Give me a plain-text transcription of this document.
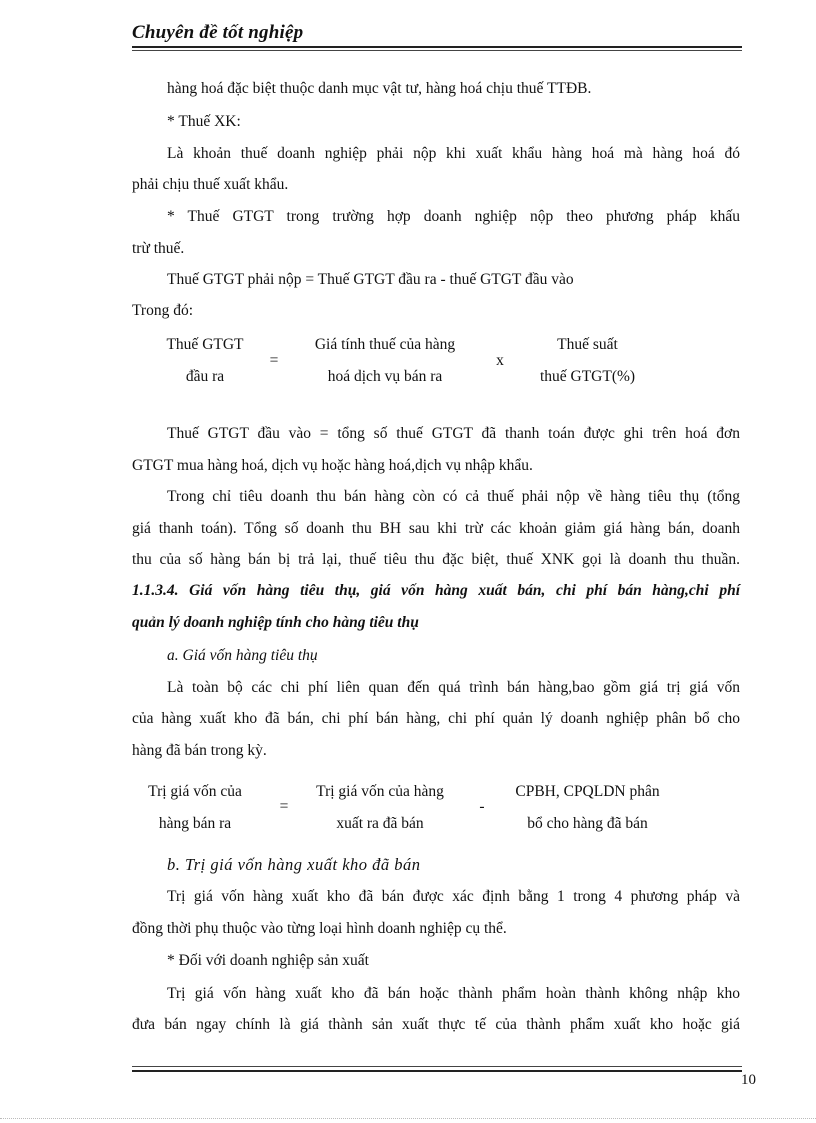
Chuyên đề tốt nghiệp
hàng hoá đặc biệt thuộc danh mục vật tư, hàng hoá chịu thuế TTĐB.
* Thuế XK:
Là khoản thuế doanh nghiệp phải nộp khi xuất khẩu hàng hoá mà hàng hoá đó
phải chịu thuế xuất khẩu.
* Thuế GTGT trong trường hợp doanh nghiệp nộp theo phương pháp khấu
trừ thuế.
Thuế GTGT phải nộp = Thuế GTGT đầu ra - thuế GTGT đầu vào
Trong đó:
Thuế GTGT
đầu ra
=
Giá tính thuế của hàng
hoá dịch vụ bán ra
x
Thuế suất
thuế GTGT(%)
Thuế GTGT đầu vào = tổng số thuế GTGT đã thanh toán được ghi trên hoá đơn
GTGT mua hàng hoá, dịch vụ hoặc hàng hoá,dịch vụ nhập khẩu.
Trong chỉ tiêu doanh thu bán hàng còn có cả thuế phải nộp về hàng tiêu thụ (tổng
giá thanh toán). Tổng số doanh thu BH sau khi trừ các khoản giảm giá hàng bán, doanh
thu của số hàng bán bị trả lại, thuế tiêu thu đặc biệt, thuế XNK gọi là doanh thu thuần.
1.1.3.4. Giá vốn hàng tiêu thụ, giá vốn hàng xuất bán, chi phí bán hàng,chi phí
quản lý doanh nghiệp tính cho hàng tiêu thụ
a. Giá vốn hàng tiêu thụ
Là toàn bộ các chi phí liên quan đến quá trình bán hàng,bao gồm giá trị giá vốn
của hàng xuất kho đã bán, chi phí bán hàng, chi phí quản lý doanh nghiệp phân bổ cho
hàng đã bán trong kỳ.
Trị giá vốn của
hàng bán ra
=
Trị giá vốn của hàng
xuất ra đã bán
-
CPBH, CPQLDN phân
bổ cho hàng đã bán
b. Trị giá vốn hàng xuất kho đã bán
Trị giá vốn hàng xuất kho đã bán được xác định bằng 1 trong 4 phương pháp và
đồng thời phụ thuộc vào từng loại hình doanh nghiệp cụ thể.
* Đối với doanh nghiệp sản xuất
Trị giá vốn hàng xuất kho đã bán hoặc thành phẩm hoàn thành không nhập kho
đưa bán ngay chính là giá thành sản xuất thực tế của thành phẩm xuất kho hoặc giá
10
